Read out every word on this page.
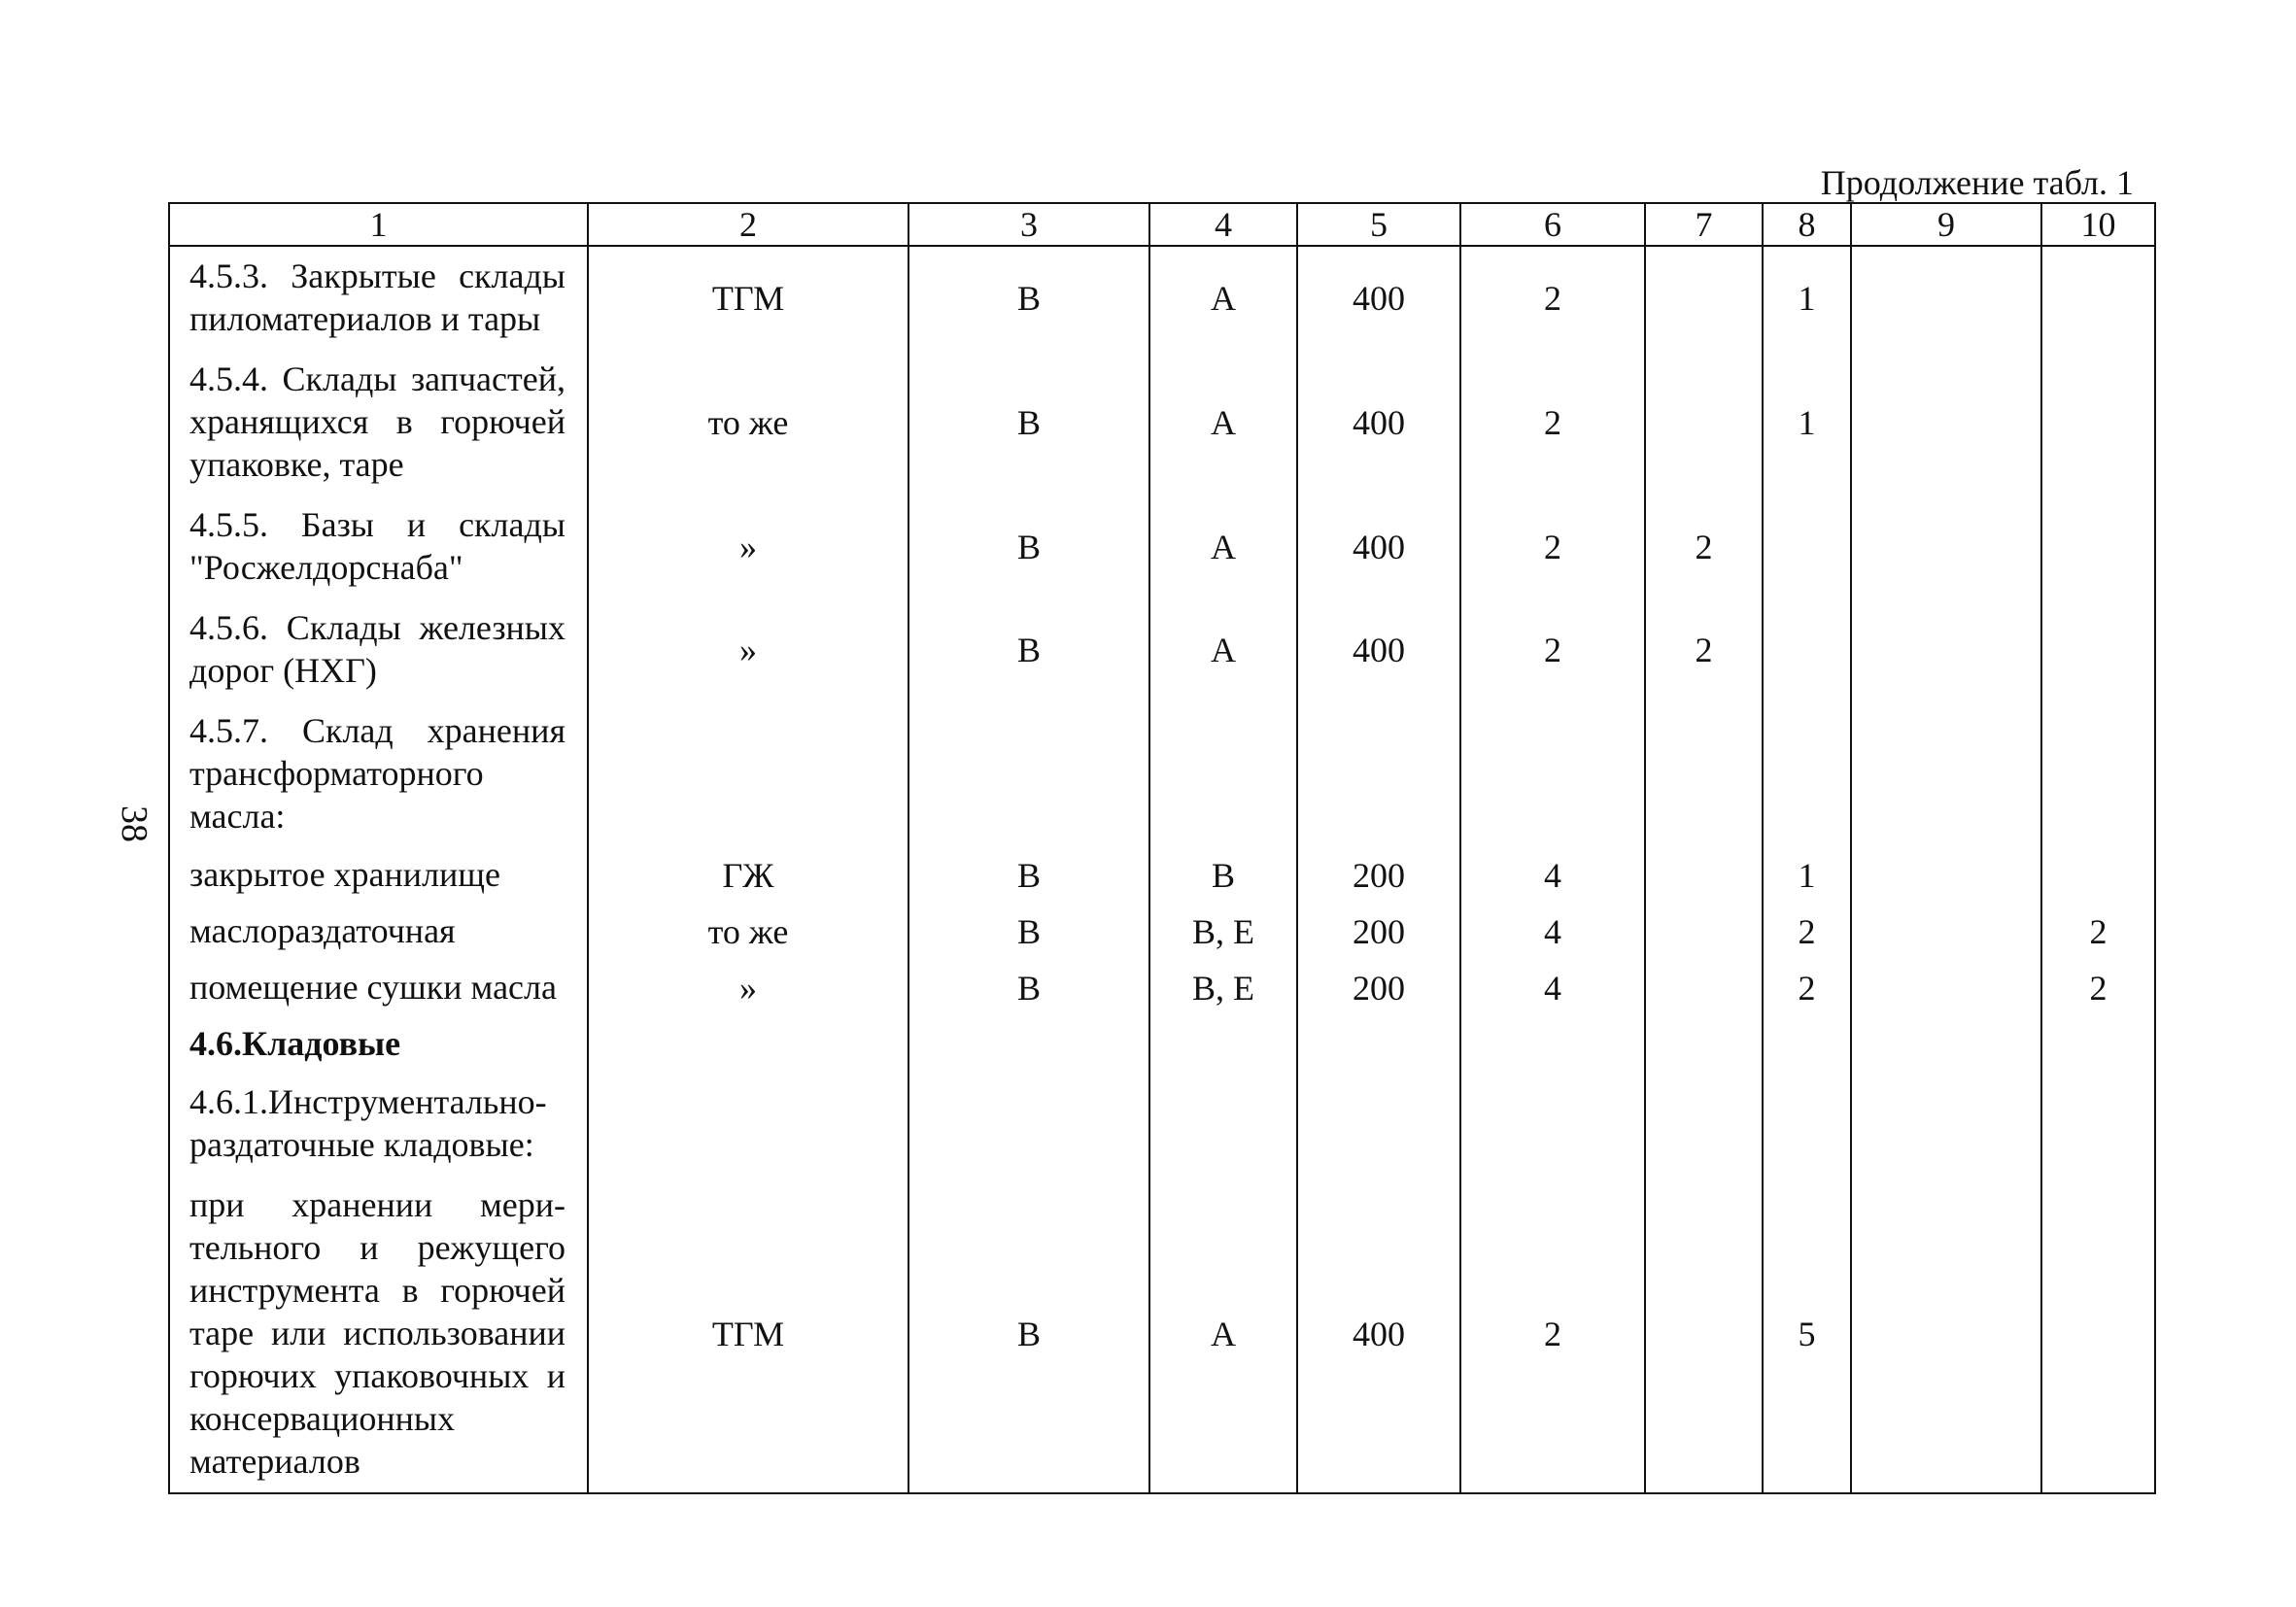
38
Продолжение табл. 1
1	2	3	4	5	6	7	8	9	10
4.5.3. Закрытые склады пиломатериалов и тары	ТГМ	В	А	400	2		1		
4.5.4. Склады запчастей, хранящихся в горючей упаковке, таре	то же	В	А	400	2		1		
4.5.5. Базы и склады "Росжелдорснаба"	»	В	А	400	2	2			
4.5.6. Склады железных дорог (НХГ)	»	В	А	400	2	2			
4.5.7. Склад хранения трансформаторного масла:									
закрытое хранилище	ГЖ	В	В	200	4		1		
маслораздаточная	то же	В	В, Е	200	4		2		2
помещение сушки масла	»	В	В, Е	200	4		2		2
4.6.Кладовые									
4.6.1.Инструментально-раздаточные кладовые:									
при хранении мерительного и режущего инструмента в горючей таре или использовании горючих упаковочных и консервационных материалов	ТГМ	В	А	400	2		5		
